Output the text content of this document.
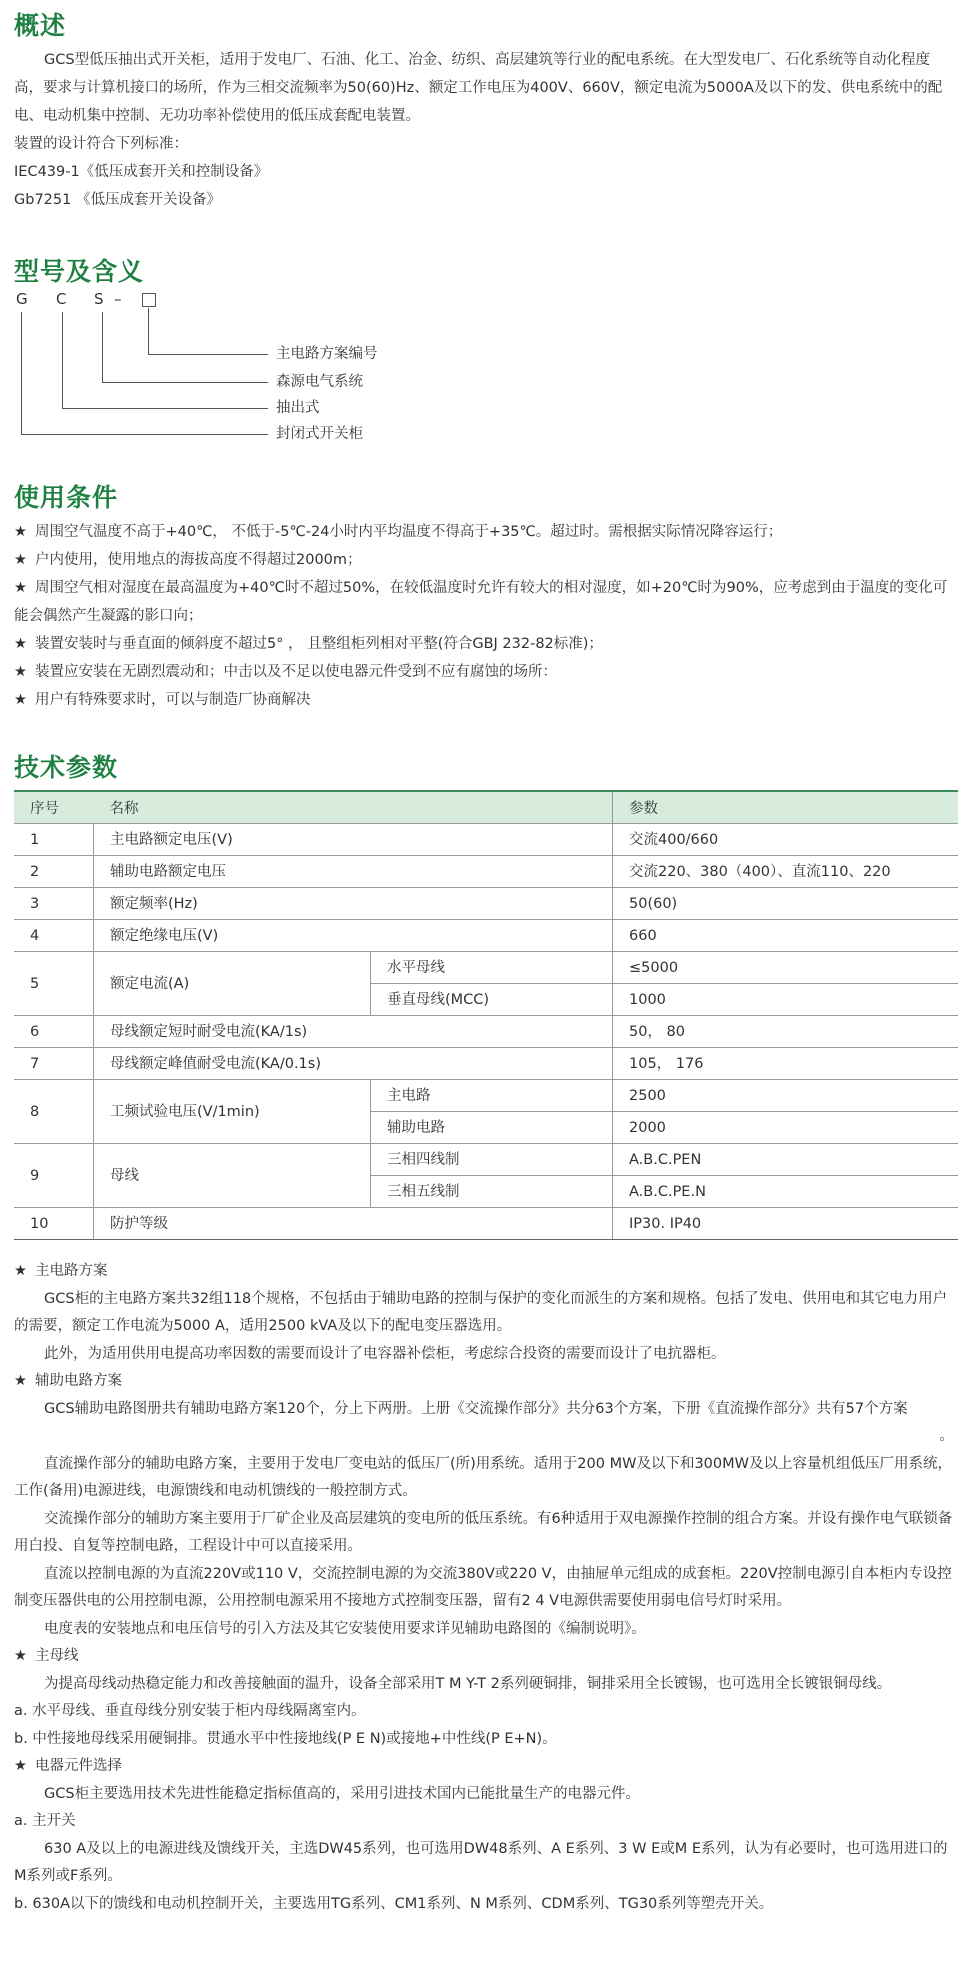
概述

GCS型低压抽出式开关柜，适用于发电厂、石油、化工、冶金、纺织、高层建筑等行业的配电系统。在大型发电厂、石化系统等自动化程度高，要求与计算机接口的场所，作为三相交流频率为50(60)Hz、额定工作电压为400V、660V，额定电流为5000A及以下的发、供电系统中的配电、电动机集中控制、无功功率补偿使用的低压成套配电装置。

装置的设计符合下列标准：

IEC439-1《低压成套开关和控制设备》

Gb7251 《低压成套开关设备》

型号及含义
G C S –
主电路方案编号
森源电气系统
抽出式
封闭式开关柜
使用条件

★ 周围空气温度不高于+40℃， 不低于-5℃-24小时内平均温度不得高于+35℃。超过时。需根据实际情况降容运行；

★ 户内使用，使用地点的海拔高度不得超过2000m；

★ 周围空气相对湿度在最高温度为+40℃时不超过50%，在较低温度时允许有较大的相对湿度，如+20℃时为90%，应考虑到由于温度的变化可能会偶然产生凝露的影口向；

★ 装置安装时与垂直面的倾斜度不超过5° ， 且整组柜列相对平整(符合GBJ 232-82标准)；

★ 装置应安装在无剧烈震动和；中击以及不足以使电器元件受到不应有腐蚀的场所：

★ 用户有特殊要求时，可以与制造厂协商解决

技术参数
序号	名称		参数
1	主电路额定电压(V)		交流400/660
2	辅助电路额定电压		交流220、380（400）、直流110、220
3	额定频率(Hz)		50(60)
4	额定绝缘电压(V)		660
5	额定电流(A)	水平母线	≤5000
		垂直母线(MCC)	1000
6	母线额定短时耐受电流(KA/1s)		50， 80
7	母线额定峰值耐受电流(KA/0.1s)		105， 176
8	工频试验电压(V/1min)	主电路	2500
		辅助电路	2000
9	母线	三相四线制	A.B.C.PEN
		三相五线制	A.B.C.PE.N
10	防护等级		IP30. IP40

★ 主电路方案

GCS柜的主电路方案共32组118个规格，不包括由于辅助电路的控制与保护的变化而派生的方案和规格。包括了发电、供用电和其它电力用户的需要，额定工作电流为5000 A，适用2500 kVA及以下的配电变压器选用。

此外，为适用供用电提高功率因数的需要而设计了电容器补偿柜，考虑综合投资的需要而设计了电抗器柜。

★ 辅助电路方案

GCS辅助电路图册共有辅助电路方案120个，分上下两册。上册《交流操作部分》共分63个方案，下册《直流操作部分》共有57个方案

。

直流操作部分的辅助电路方案，主要用于发电厂变电站的低压厂(所)用系统。适用于200 MW及以下和300MW及以上容量机组低压厂用系统，工作(备用)电源进线，电源馈线和电动机馈线的一般控制方式。

交流操作部分的辅助方案主要用于厂矿企业及高层建筑的变电所的低压系统。有6种适用于双电源操作控制的组合方案。并设有操作电气联锁备用白投、自复等控制电路，工程设计中可以直接采用。

直流以控制电源的为直流220V或110 V，交流控制电源的为交流380V或220 V，由抽屉单元组成的成套柜。220V控制电源引自本柜内专设控制变压器供电的公用控制电源，公用控制电源采用不接地方式控制变压器，留有2 4 V电源供需要使用弱电信号灯时采用。

电度表的安装地点和电压信号的引入方法及其它安装使用要求详见辅助电路图的《编制说明》。

★ 主母线

为提高母线动热稳定能力和改善接触面的温升，设备全部采用T M Y-T 2系列硬铜排，铜排采用全长镀锡，也可选用全长镀银铜母线。

a. 水平母线、垂直母线分别安装于柜内母线隔离室内。

b. 中性接地母线采用硬铜排。贯通水平中性接地线(P E N)或接地+中性线(P E+N)。

★ 电器元件选择

GCS柜主要选用技术先进性能稳定指标值高的，采用引进技术国内已能批量生产的电器元件。

a. 主开关

630 A及以上的电源进线及馈线开关，主选DW45系列，也可选用DW48系列、A E系列、3 W E或M E系列，认为有必要时，也可选用进口的M系列或F系列。

b. 630A以下的馈线和电动机控制开关，主要选用TG系列、CM1系列、N M系列、CDM系列、TG30系列等塑壳开关。
